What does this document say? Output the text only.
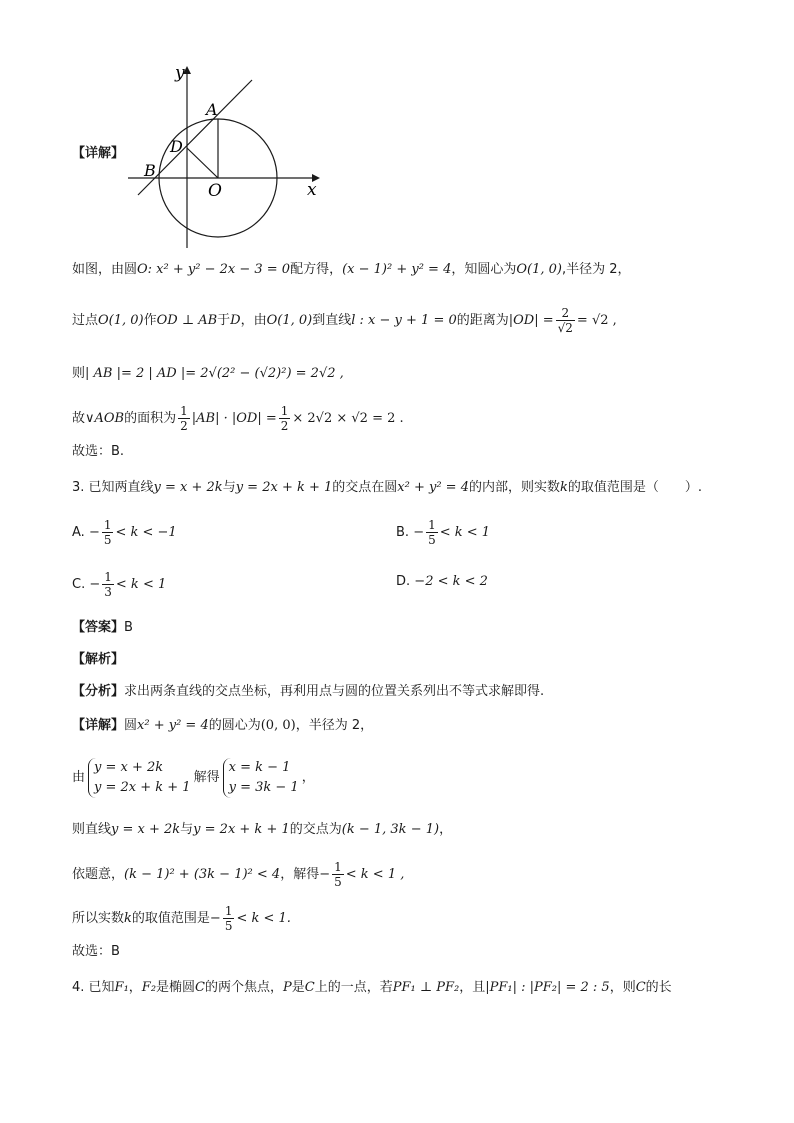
【详解】
y
A
D
B
O	x
如图，由圆O: x² + y² − 2x − 3 = 0配方得，(x − 1)² + y² = 4，知圆心为O(1, 0),半径为 2，
过点O(1, 0)作OD ⊥ AB于D，由O(1, 0)到直线l : x − y + 1 = 0的距离为$|OD| = \frac{2}{√2} = √2$ ,
则| AB |= 2 | AD |= 2√(2² − (√2)²) = 2√2 ,
故∨AOB的面积为 $\frac{1}{2} |AB| \cdot |OD| = \frac{1}{2} \times 2√2 \times √2 = 2$ .
故选：B.
3. 已知两直线y = x + 2k与y = 2x + k + 1的交点在圆x² + y² = 4的内部，则实数k的取值范围是（　　）.
A. − $\frac{1}{5} < k < -1$	B. − $\frac{1}{5} < k < 1$
C. − $\frac{1}{3} < k < 1$	D. −2 < k < 2
【答案】B
【解析】
【分析】求出两条直线的交点坐标，再利用点与圆的位置关系列出不等式求解即得.
【详解】圆x² + y² = 4的圆心为(0, 0)，半径为 2，
由
y = x + 2k
y = 2x + k + 1
解得
x = k − 1
y = 3k − 1
，
则直线y = x + 2k与y = 2x + k + 1的交点为(k − 1, 3k − 1)，
依题意，(k − 1)² + (3k − 1)² < 4，解得− $\frac{1}{5} < k < 1$ ,
所以实数k的取值范围是− $\frac{1}{5} < k < 1$.
故选：B
4. 已知F₁，F₂是椭圆C的两个焦点，P是C上的一点，若PF₁ ⊥ PF₂，且|PF₁| : |PF₂| = 2 : 5，则C的长
